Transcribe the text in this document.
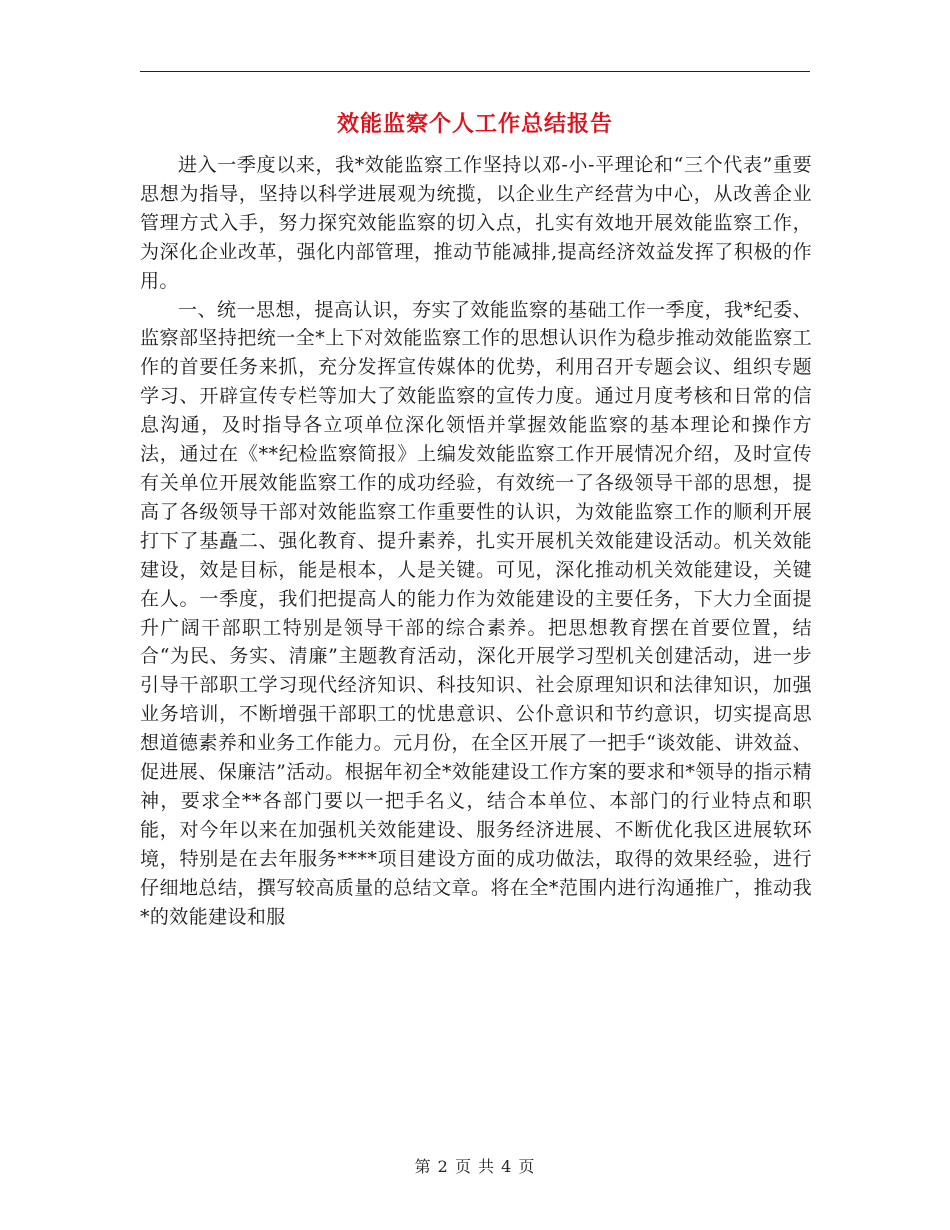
效能监察个人工作总结报告

进入一季度以来，我*效能监察工作坚持以邓-小-平理论和“三个代表”重要思想为指导，坚持以科学进展观为统揽，以企业生产经营为中心，从改善企业管理方式入手，努力探究效能监察的切入点，扎实有效地开展效能监察工作，为深化企业改革，强化内部管理，推动节能减排,提高经济效益发挥了积极的作用。

一、统一思想，提高认识，夯实了效能监察的基础工作一季度，我*纪委、监察部坚持把统一全*上下对效能监察工作的思想认识作为稳步推动效能监察工作的首要任务来抓，充分发挥宣传媒体的优势，利用召开专题会议、组织专题学习、开辟宣传专栏等加大了效能监察的宣传力度。通过月度考核和日常的信息沟通，及时指导各立项单位深化领悟并掌握效能监察的基本理论和操作方法，通过在《**纪检监察简报》上编发效能监察工作开展情况介绍，及时宣传有关单位开展效能监察工作的成功经验，有效统一了各级领导干部的思想，提高了各级领导干部对效能监察工作重要性的认识，为效能监察工作的顺利开展打下了基矗二、强化教育、提升素养，扎实开展机关效能建设活动。机关效能建设，效是目标，能是根本，人是关键。可见，深化推动机关效能建设，关键在人。一季度，我们把提高人的能力作为效能建设的主要任务，下大力全面提升广阔干部职工特别是领导干部的综合素养。把思想教育摆在首要位置，结合“为民、务实、清廉”主题教育活动，深化开展学习型机关创建活动，进一步引导干部职工学习现代经济知识、科技知识、社会原理知识和法律知识，加强业务培训，不断增强干部职工的忧患意识、公仆意识和节约意识，切实提高思想道德素养和业务工作能力。元月份，在全区开展了一把手“谈效能、讲效益、促进展、保廉洁”活动。根据年初全*效能建设工作方案的要求和*领导的指示精神，要求全**各部门要以一把手名义，结合本单位、本部门的行业特点和职能，对今年以来在加强机关效能建设、服务经济进展、不断优化我区进展软环境，特别是在去年服务****项目建设方面的成功做法，取得的效果经验，进行仔细地总结，撰写较高质量的总结文章。将在全*范围内进行沟通推广，推动我*的效能建设和服

第 2 页 共 4 页
